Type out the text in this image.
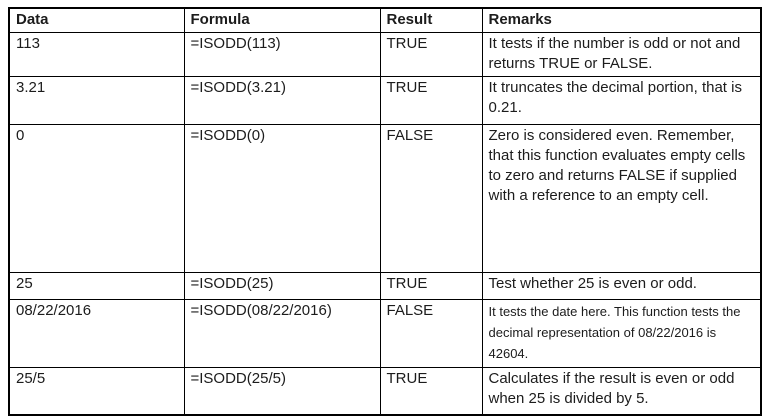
Data	Formula	Result	Remarks
113	=ISODD(113)	TRUE	It tests if the number is odd or not and returns TRUE or FALSE.
3.21	=ISODD(3.21)	TRUE	It truncates the decimal portion, that is 0.21.
0	=ISODD(0)	FALSE	Zero is considered even. Remember, that this function evaluates empty cells to zero and returns FALSE if supplied with a reference to an empty cell.
25	=ISODD(25)	TRUE	Test whether 25 is even or odd.
08/22/2016	=ISODD(08/22/2016)	FALSE	It tests the date here. This function tests the decimal representation of 08/22/2016 is 42604.
25/5	=ISODD(25/5)	TRUE	Calculates if the result is even or odd when 25 is divided by 5.
